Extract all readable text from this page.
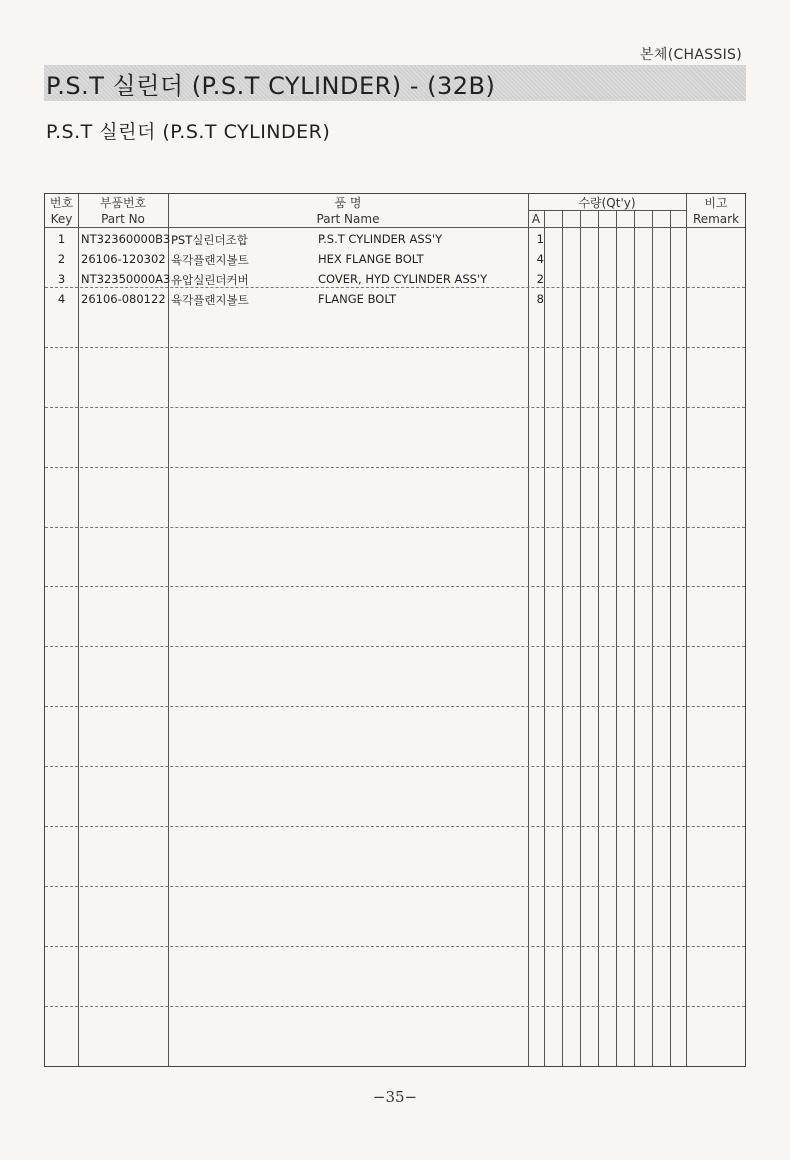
본체(CHASSIS)
P.S.T 실린더 (P.S.T CYLINDER) - (32B)
P.S.T 실린더 (P.S.T CYLINDER)
번호
Key
부품번호
Part No
품 명
Part Name
수량(Qt'y)
A
비고
Remark
1	NT32360000B3 PST실린더조합	P.S.T CYLINDER ASS'Y	1
2	26106-120302 육각플랜지볼트	HEX FLANGE BOLT	4
3	NT32350000A3 유압실린더커버	COVER, HYD CYLINDER ASS'Y	2
4	26106-080122 육각플랜지볼트	FLANGE BOLT	8
−35−
